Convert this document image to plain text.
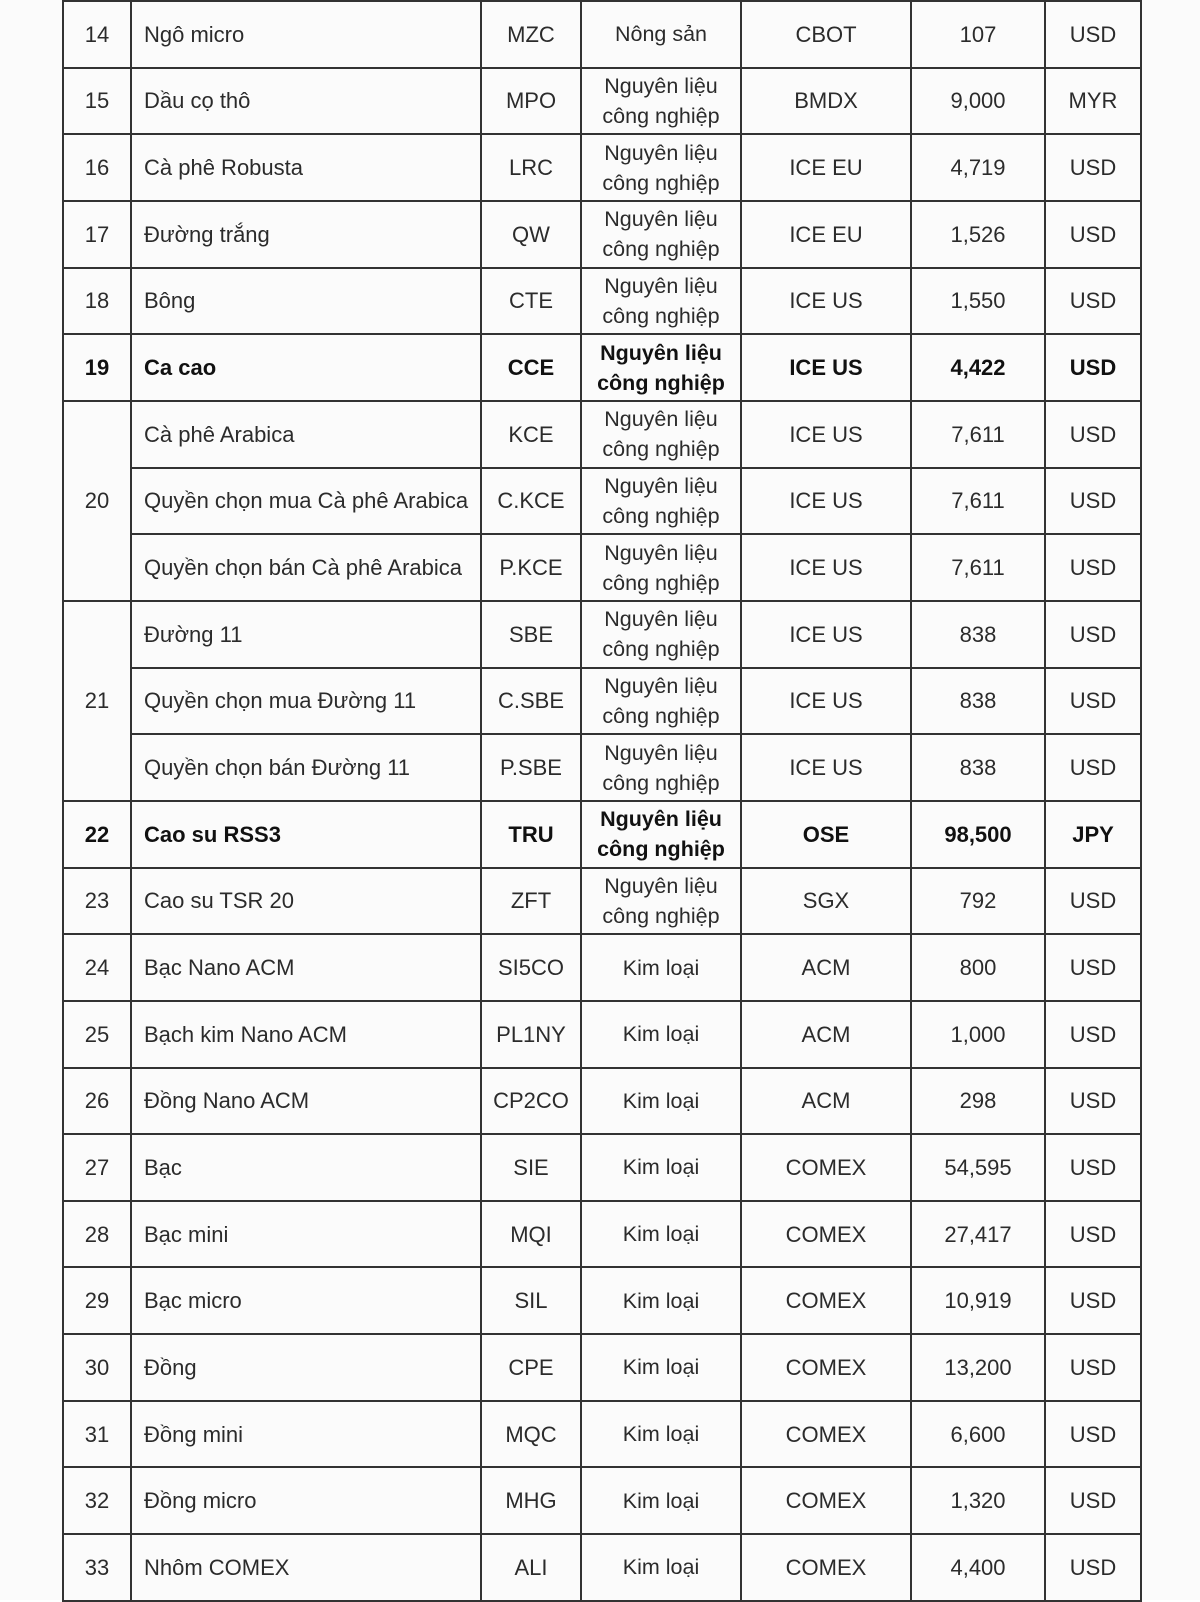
14	Ngô micro	MZC	Nông sản	CBOT	107	USD
15	Dầu cọ thô	MPO	Nguyên liệu công nghiệp	BMDX	9,000	MYR
16	Cà phê Robusta	LRC	Nguyên liệu công nghiệp	ICE EU	4,719	USD
17	Đường trắng	QW	Nguyên liệu công nghiệp	ICE EU	1,526	USD
18	Bông	CTE	Nguyên liệu công nghiệp	ICE US	1,550	USD
19	Ca cao	CCE	Nguyên liệu công nghiệp	ICE US	4,422	USD
20	Cà phê Arabica	KCE	Nguyên liệu công nghiệp	ICE US	7,611	USD
	Quyền chọn mua Cà phê Arabica	C.KCE	Nguyên liệu công nghiệp	ICE US	7,611	USD
	Quyền chọn bán Cà phê Arabica	P.KCE	Nguyên liệu công nghiệp	ICE US	7,611	USD
21	Đường 11	SBE	Nguyên liệu công nghiệp	ICE US	838	USD
	Quyền chọn mua Đường 11	C.SBE	Nguyên liệu công nghiệp	ICE US	838	USD
	Quyền chọn bán Đường 11	P.SBE	Nguyên liệu công nghiệp	ICE US	838	USD
22	Cao su RSS3	TRU	Nguyên liệu công nghiệp	OSE	98,500	JPY
23	Cao su TSR 20	ZFT	Nguyên liệu công nghiệp	SGX	792	USD
24	Bạc Nano ACM	SI5CO	Kim loại	ACM	800	USD
25	Bạch kim Nano ACM	PL1NY	Kim loại	ACM	1,000	USD
26	Đồng Nano ACM	CP2CO	Kim loại	ACM	298	USD
27	Bạc	SIE	Kim loại	COMEX	54,595	USD
28	Bạc mini	MQI	Kim loại	COMEX	27,417	USD
29	Bạc micro	SIL	Kim loại	COMEX	10,919	USD
30	Đồng	CPE	Kim loại	COMEX	13,200	USD
31	Đồng mini	MQC	Kim loại	COMEX	6,600	USD
32	Đồng micro	MHG	Kim loại	COMEX	1,320	USD
33	Nhôm COMEX	ALI	Kim loại	COMEX	4,400	USD
